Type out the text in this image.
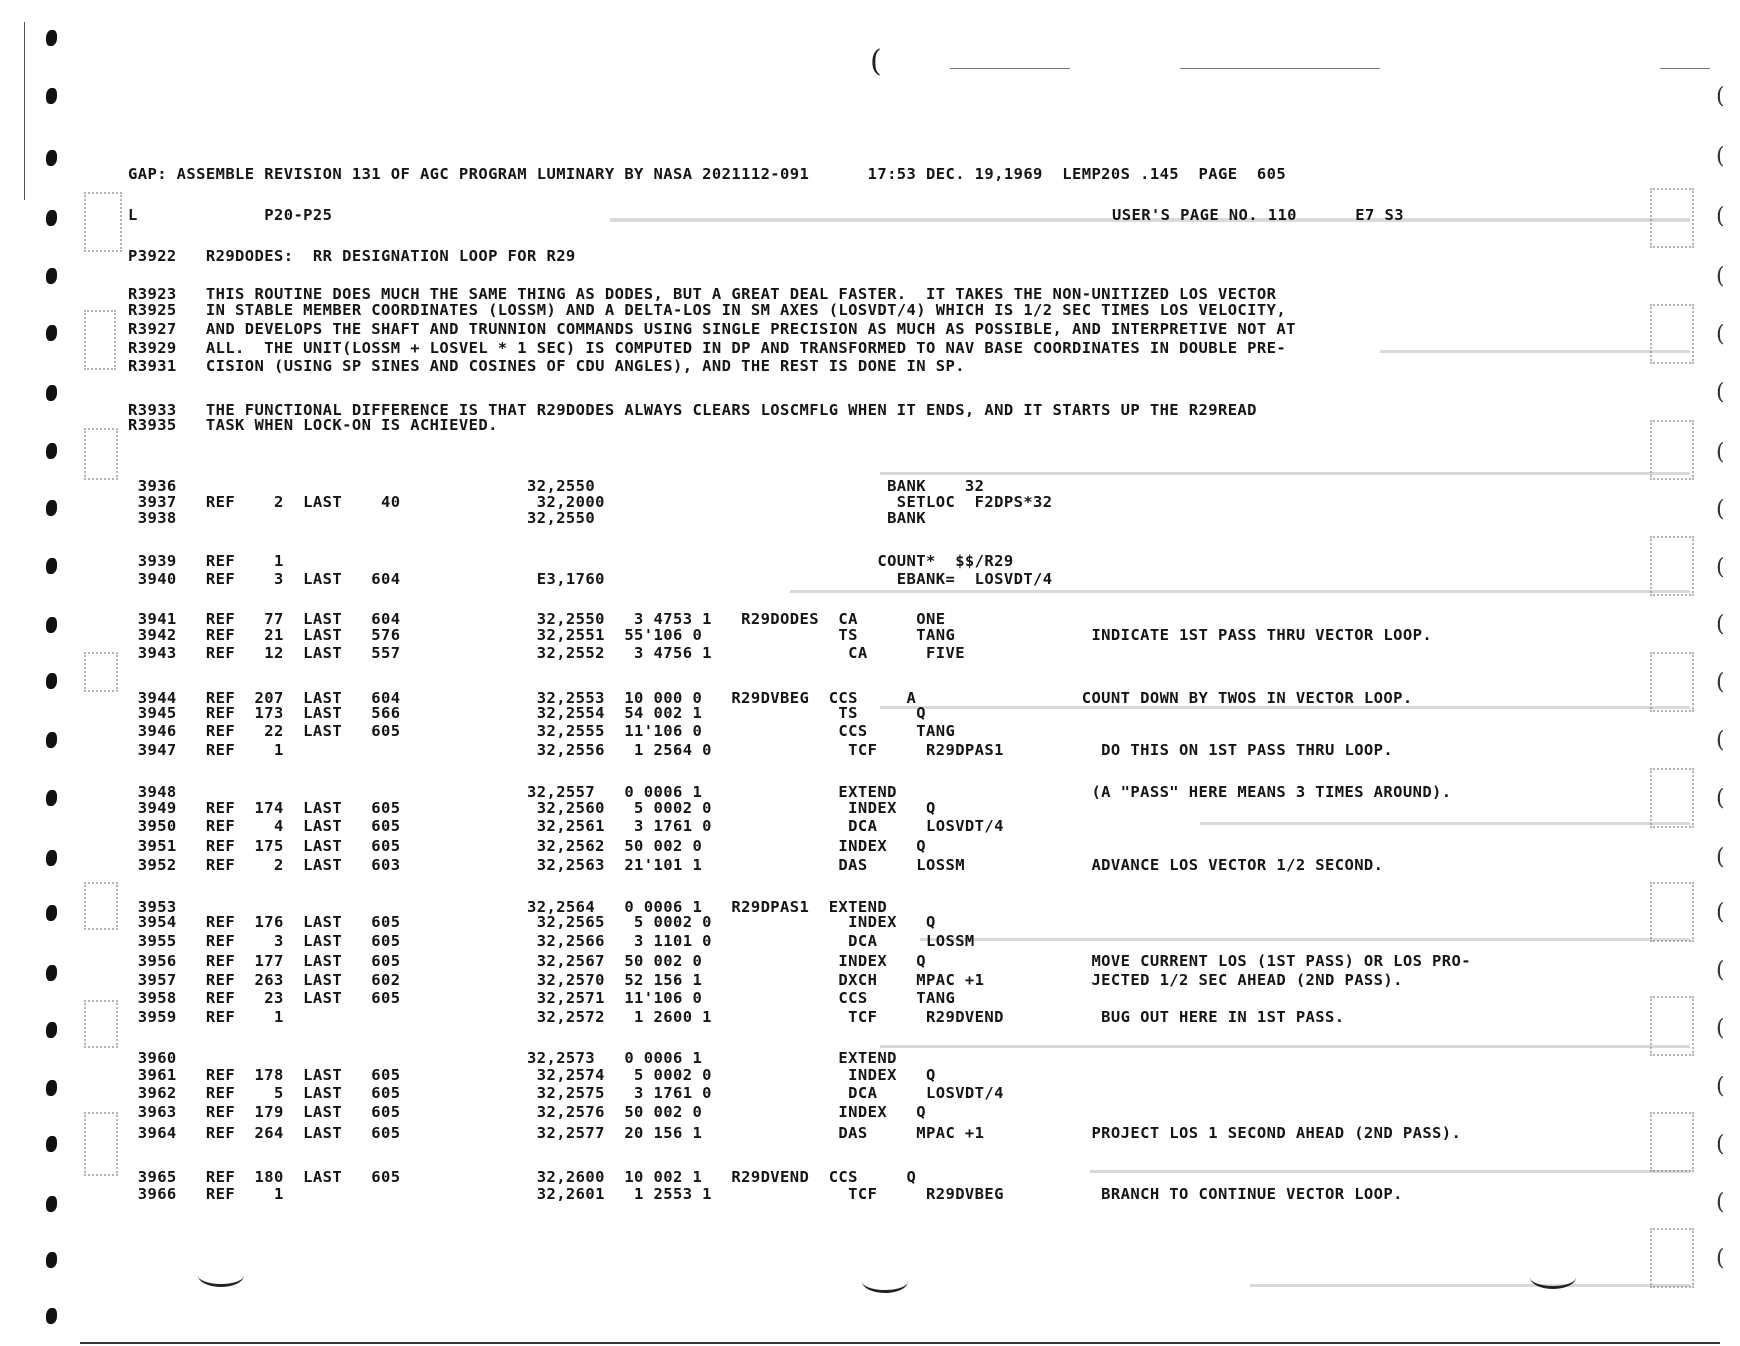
(
(
(
(
(
(
(
(
(
(
(
(
(
(
(
(
(
(
(
(
(
(
GAP: ASSEMBLE REVISION 131 OF AGC PROGRAM LUMINARY BY NASA 2021112-091      17:53 DEC. 19,1969  LEMP20S .145  PAGE  605
L             P20-P25	USER'S PAGE NO. 110      E7 S3
P3922   R29DODES:  RR DESIGNATION LOOP FOR R29
R3923   THIS ROUTINE DOES MUCH THE SAME THING AS DODES, BUT A GREAT DEAL FASTER.  IT TAKES THE NON-UNITIZED LOS VECTOR
R3925   IN STABLE MEMBER COORDINATES (LOSSM) AND A DELTA-LOS IN SM AXES (LOSVDT/4) WHICH IS 1/2 SEC TIMES LOS VELOCITY,
R3927   AND DEVELOPS THE SHAFT AND TRUNNION COMMANDS USING SINGLE PRECISION AS MUCH AS POSSIBLE, AND INTERPRETIVE NOT AT
R3929   ALL.  THE UNIT(LOSSM + LOSVEL * 1 SEC) IS COMPUTED IN DP AND TRANSFORMED TO NAV BASE COORDINATES IN DOUBLE PRE-
R3931   CISION (USING SP SINES AND COSINES OF CDU ANGLES), AND THE REST IS DONE IN SP.
R3933   THE FUNCTIONAL DIFFERENCE IS THAT R29DODES ALWAYS CLEARS LOSCMFLG WHEN IT ENDS, AND IT STARTS UP THE R29READ
R3935   TASK WHEN LOCK-ON IS ACHIEVED.
3936                                    32,2550                              BANK    32
3937   REF    2  LAST    40              32,2000                              SETLOC  F2DPS*32
3938                                    32,2550                              BANK
3939   REF    1                                                             COUNT*  $$/R29
3940   REF    3  LAST   604              E3,1760                              EBANK=  LOSVDT/4
3941   REF   77  LAST   604              32,2550   3 4753 1   R29DODES  CA      ONE
3942   REF   21  LAST   576              32,2551  55'106 0              TS      TANG              INDICATE 1ST PASS THRU VECTOR LOOP.
3943   REF   12  LAST   557              32,2552   3 4756 1              CA      FIVE
3944   REF  207  LAST   604              32,2553  10 000 0   R29DVBEG  CCS     A                 COUNT DOWN BY TWOS IN VECTOR LOOP.
3945   REF  173  LAST   566              32,2554  54 002 1              TS      Q
3946   REF   22  LAST   605              32,2555  11'106 0              CCS     TANG
3947   REF    1                          32,2556   1 2564 0              TCF     R29DPAS1          DO THIS ON 1ST PASS THRU LOOP.
3948                                    32,2557   0 0006 1              EXTEND                    (A "PASS" HERE MEANS 3 TIMES AROUND).
3949   REF  174  LAST   605              32,2560   5 0002 0              INDEX   Q
3950   REF    4  LAST   605              32,2561   3 1761 0              DCA     LOSVDT/4
3951   REF  175  LAST   605              32,2562  50 002 0              INDEX   Q
3952   REF    2  LAST   603              32,2563  21'101 1              DAS     LOSSM             ADVANCE LOS VECTOR 1/2 SECOND.
3953                                    32,2564   0 0006 1   R29DPAS1  EXTEND
3954   REF  176  LAST   605              32,2565   5 0002 0              INDEX   Q
3955   REF    3  LAST   605              32,2566   3 1101 0              DCA     LOSSM
3956   REF  177  LAST   605              32,2567  50 002 0              INDEX   Q                 MOVE CURRENT LOS (1ST PASS) OR LOS PRO-
3957   REF  263  LAST   602              32,2570  52 156 1              DXCH    MPAC +1           JECTED 1/2 SEC AHEAD (2ND PASS).
3958   REF   23  LAST   605              32,2571  11'106 0              CCS     TANG
3959   REF    1                          32,2572   1 2600 1              TCF     R29DVEND          BUG OUT HERE IN 1ST PASS.
3960                                    32,2573   0 0006 1              EXTEND
3961   REF  178  LAST   605              32,2574   5 0002 0              INDEX   Q
3962   REF    5  LAST   605              32,2575   3 1761 0              DCA     LOSVDT/4
3963   REF  179  LAST   605              32,2576  50 002 0              INDEX   Q
3964   REF  264  LAST   605              32,2577  20 156 1              DAS     MPAC +1           PROJECT LOS 1 SECOND AHEAD (2ND PASS).
3965   REF  180  LAST   605              32,2600  10 002 1   R29DVEND  CCS     Q
3966   REF    1                          32,2601   1 2553 1              TCF     R29DVBEG          BRANCH TO CONTINUE VECTOR LOOP.
